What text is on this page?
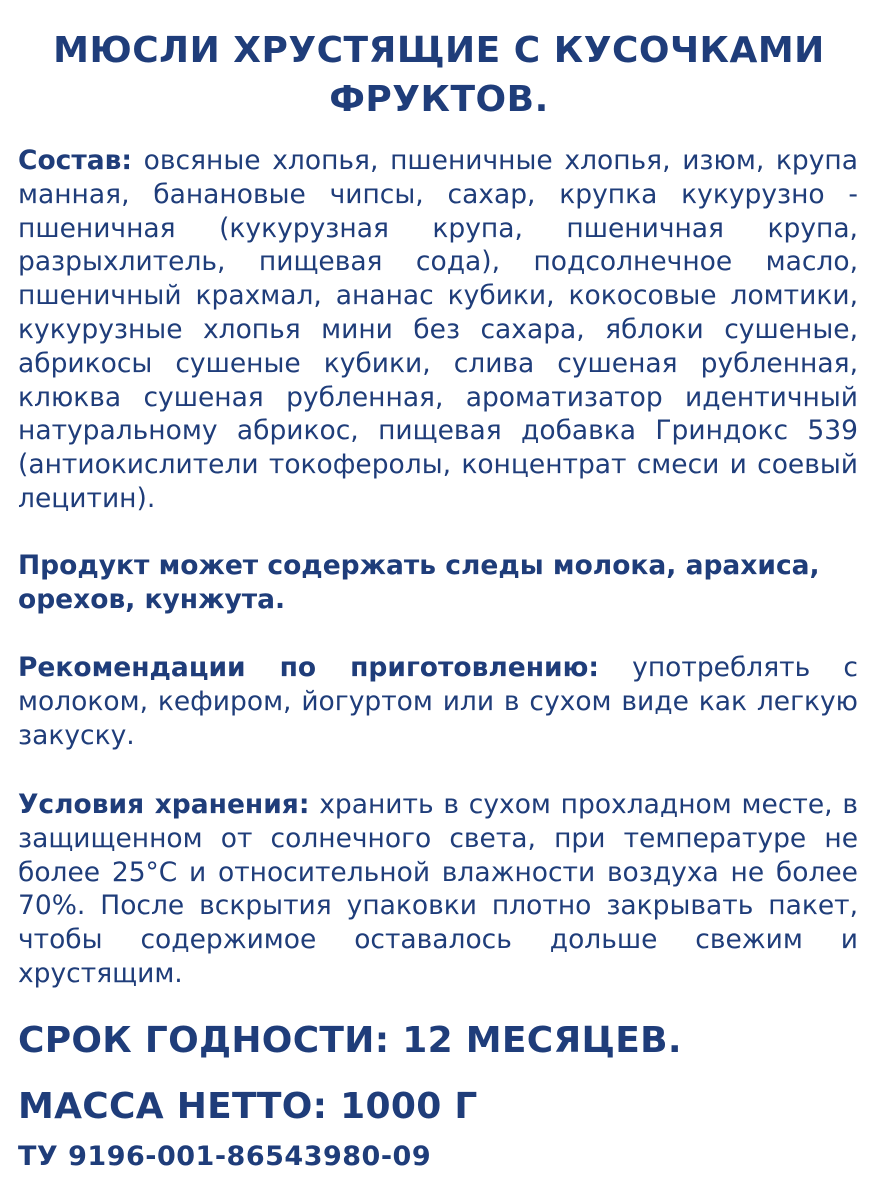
МЮСЛИ ХРУСТЯЩИЕ С КУСОЧКАМИ ФРУКТОВ.

Состав: овсяные хлопья, пшеничные хлопья, изюм, крупа манная, банановые чипсы, сахар, крупка кукурузно - пшеничная (кукурузная крупа, пшеничная крупа, разрыхлитель, пищевая сода), подсолнечное масло, пшеничный крахмал, ананас кубики, кокосовые ломтики, кукурузные хлопья мини без сахара, яблоки сушеные, абрикосы сушеные кубики, слива сушеная рубленная, клюква сушеная рубленная, ароматизатор идентичный натуральному абрикос, пищевая добавка Гриндокс 539 (антиокислители токоферолы, концентрат смеси и соевый лецитин).

Продукт может содержать следы молока, арахиса, орехов, кунжута.

Рекомендации по приготовлению: употреблять с молоком, кефиром, йогуртом или в сухом виде как легкую закуску.

Условия хранения: хранить в сухом прохладном месте, в защищенном от солнечного света, при температуре не более 25°С и относительной влажности воздуха не более 70%. После вскрытия упаковки плотно закрывать пакет, чтобы содержимое оставалось дольше свежим и хрустящим.

СРОК ГОДНОСТИ: 12 МЕСЯЦЕВ.

МАССА НЕТТО: 1000 Г

ТУ 9196-001-86543980-09
